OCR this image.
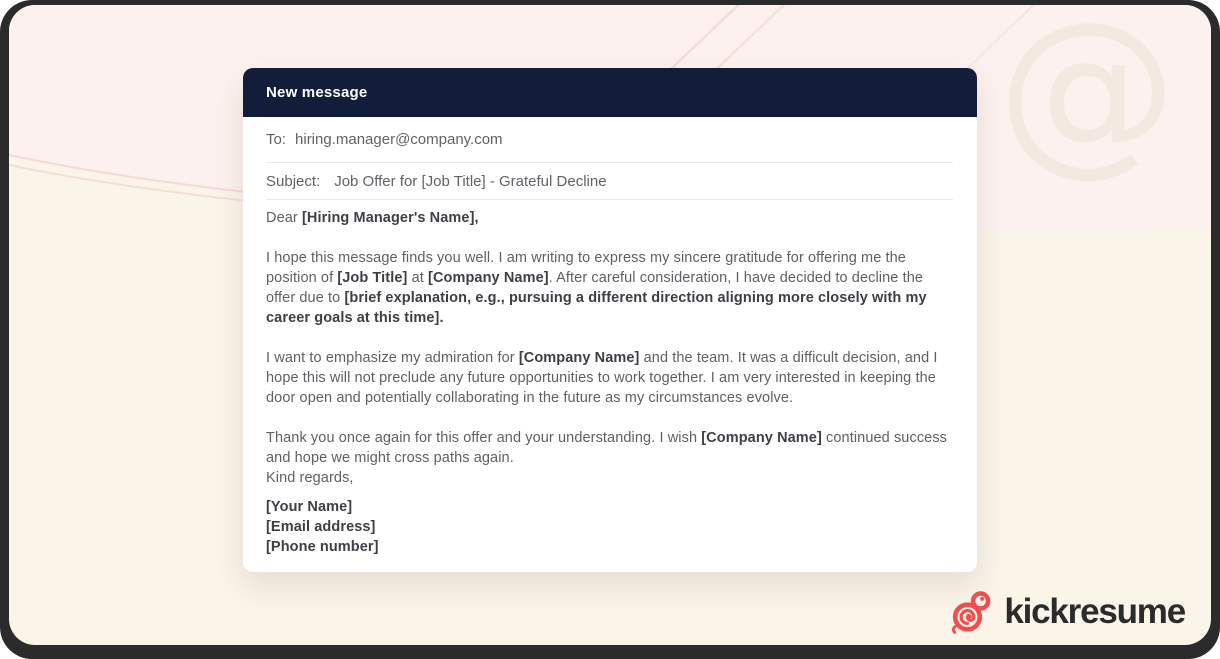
@
New message
To: hiring.manager@company.com
Subject: Job Offer for [Job Title] - Grateful Decline

Dear [Hiring Manager's Name],

I hope this message finds you well. I am writing to express my sincere gratitude for offering me the position of [Job Title] at [Company Name]. After careful consideration, I have decided to decline the offer due to [brief explanation, e.g., pursuing a different direction aligning more closely with my career goals at this time].

I want to emphasize my admiration for [Company Name] and the team. It was a difficult decision, and I hope this will not preclude any future opportunities to work together. I am very interested in keeping the door open and potentially collaborating in the future as my circumstances evolve.

Thank you once again for this offer and your understanding. I wish [Company Name] continued success and hope we might cross paths again.
Kind regards,

[Your Name]
[Email address]
[Phone number]

kickresume
